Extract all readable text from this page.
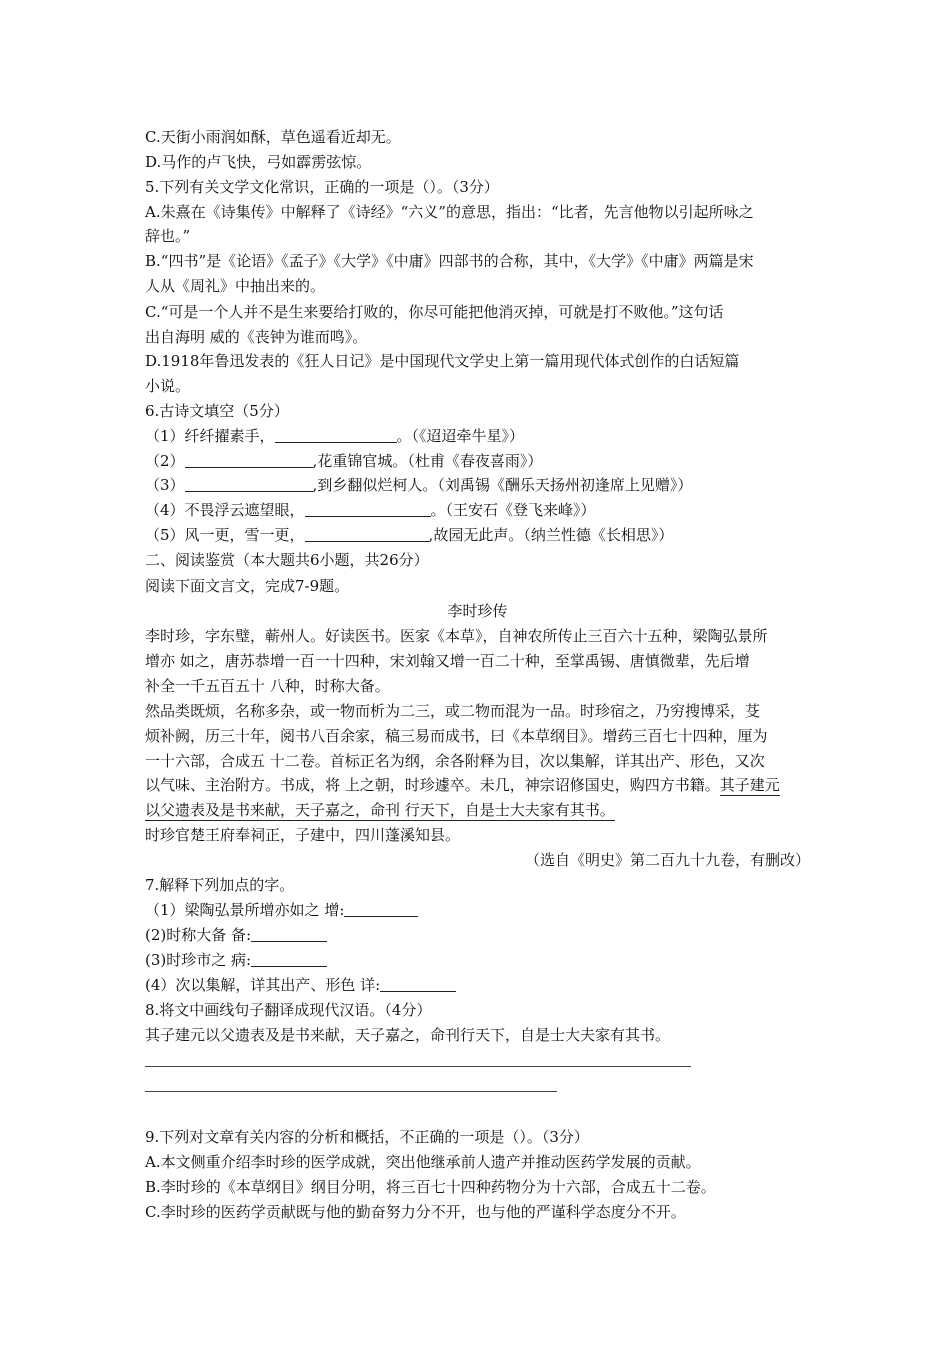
C.天街小雨润如酥，草色遥看近却无。
D.马作的卢飞快，弓如霹雳弦惊。
5.下列有关文学文化常识，正确的一项是（）。（3分）
A.朱熹在《诗集传》中解释了《诗经》“六义”的意思，指出：“比者，先言他物以引起所咏之
辞也。”
B.“四书”是《论语》《孟子》《大学》《中庸》四部书的合称，其中，《大学》《中庸》两篇是宋
人从《周礼》中抽出来的。
C.“可是一个人并不是生来要给打败的，你尽可能把他消灭掉，可就是打不败他。”这句话
出自海明 威的《丧钟为谁而鸣》。
D.1918年鲁迅发表的《狂人日记》是中国现代文学史上第一篇用现代体式创作的白话短篇
小说。
6.古诗文填空（5分）
（1）纤纤擢素手，	。（《迢迢牵牛星》）
（2）	,花重锦官城。（杜甫《春夜喜雨》）
（3）	,到乡翻似烂柯人。（刘禹锡《酬乐天扬州初逢席上见赠》）
（4）不畏浮云遮望眼，	。（王安石《登飞来峰》）
（5）风一更，雪一更，	,故园无此声。（纳兰性德《长相思》）
二、阅读鉴赏（本大题共6小题，共26分）
阅读下面文言文，完成7-9题。
李时珍传
李时珍，字东璧，蕲州人。好读医书。医家《本草》，自神农所传止三百六十五种，梁陶弘景所
增亦 如之，唐苏恭增一百一十四种，宋刘翰又增一百二十种，至掌禹锡、唐慎微辈，先后增
补全一千五百五十 八种，时称大备。
然品类既烦，名称多杂，或一物而析为二三，或二物而混为一品。时珍宿之，乃穷搜博采，芟
烦补阙，历三十年，阅书八百余家，稿三易而成书，曰《本草纲目》。增药三百七十四种，厘为
一十六部，合成五 十二卷。首标正名为纲，余各附释为目，次以集解，详其出产、形色，又次
以气味、主治附方。书成，将 上之朝，时珍遽卒。未几，神宗诏修国史，购四方书籍。其子建元
以父遗表及是书来献，天子嘉之，命刊 行天下，自是士大夫家有其书。
时珍官楚王府奉祠正，子建中，四川蓬溪知县。
（选自《明史》第二百九十九卷，有删改）
7.解释下列加点的字。
（1）梁陶弘景所增亦如之 增:
(2)时称大备 备:
(3)时珍市之 病:
(4）次以集解，详其出产、形色 详:
8.将文中画线句子翻译成现代汉语。（4分）
其子建元以父遗表及是书来献，天子嘉之，命刊行天下，自是士大夫家有其书。
9.下列对文章有关内容的分析和概括，不正确的一项是（）。（3分）
A.本文侧重介绍李时珍的医学成就，突出他继承前人遗产并推动医药学发展的贡献。
B.李时珍的《本草纲目》纲目分明，将三百七十四种药物分为十六部，合成五十二卷。
C.李时珍的医药学贡献既与他的勤奋努力分不开，也与他的严谨科学态度分不开。
